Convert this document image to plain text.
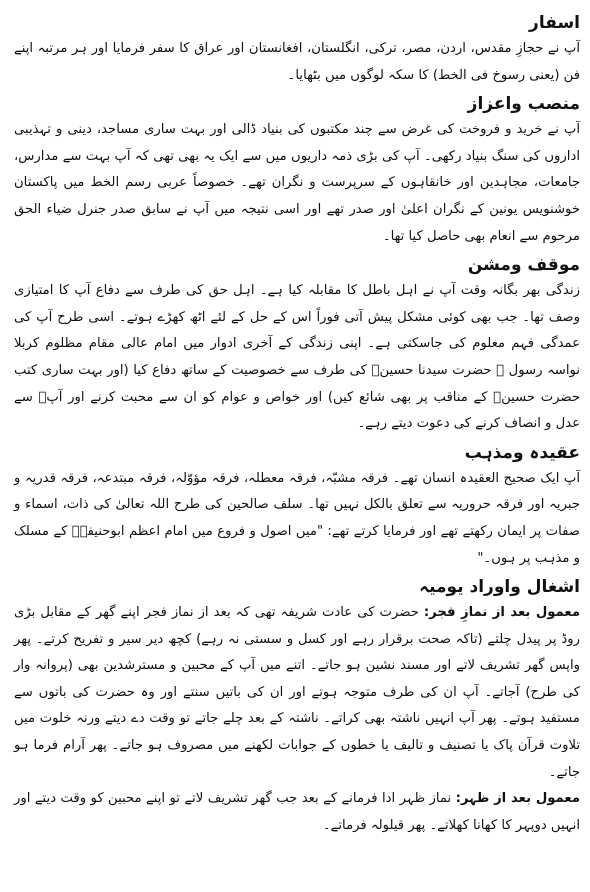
اسفار

آپ نے حجازِ مقدس، اردن، مصر، ترکی، انگلستان، افغانستان اور عراق کا سفر فرمایا اور ہر مرتبہ اپنے فن (یعنی رسوخ فی الخط) کا سکہ لوگوں میں بٹھایا۔

منصب واعزاز

آپ نے خرید و فروخت کی غرض سے چند مکتبوں کی بنیاد ڈالی اور بہت ساری مساجد، دینی و تہذیبی اداروں کی سنگ بنیاد رکھی۔ آپ کی بڑی ذمہ داریوں میں سے ایک یہ بھی تھی کہ آپ بہت سے مدارس، جامعات، مجاہدین اور خانقاہوں کے سرپرست و نگران تھے۔ خصوصاً عربی رسم الخط میں پاکستان خوشنویس یونین کے نگران اعلیٰ اور صدر تھے اور اسی نتیجہ میں آپ نے سابق صدر جنرل ضیاء الحق مرحوم سے انعام بھی حاصل کیا تھا۔

موقف ومشن

زندگی بھر بگانہ وقت آپ نے اہل باطل کا مقابلہ کیا ہے۔ اہل حق کی طرف سے دفاع آپ کا امتیازی وصف تھا۔ جب بھی کوئی مشکل پیش آتی فوراً اس کے حل کے لئے اٹھ کھڑے ہوتے۔ اسی طرح آپ کی عمدگی فہم معلوم کی جاسکتی ہے۔ اپنی زندگی کے آخری ادوار میں امام عالی مقام مظلوم کربلا نواسہ رسول ﷺ حضرت سیدنا حسینؓ کی طرف سے خصوصیت کے ساتھ دفاع کیا (اور بہت ساری کتب حضرت حسینؓ کے مناقب پر بھی شائع کیں) اور خواص و عوام کو ان سے محبت کرنے اور آپؓ سے عدل و انصاف کرنے کی دعوت دیتے رہے۔

عقیدہ ومذہب

آپ ایک صحیح العقیدہ انسان تھے۔ فرقہ مشبّہ، فرقہ معطلہ، فرقہ مؤوّلہ، فرقہ مبتدعہ، فرقہ قدریہ و جبریہ اور فرقہ حروریہ سے تعلق بالکل نہیں تھا۔ سلف صالحین کی طرح اللہ تعالیٰ کی ذات، اسماء و صفات پر ایمان رکھتے تھے اور فرمایا کرتے تھے: "میں اصول و فروع میں امام اعظم ابوحنیفہؒ کے مسلک و مذہب پر ہوں۔"

اشغال واوراد یومیہ

معمول بعد از نمازِ فجر: حضرت کی عادت شریفہ تھی کہ بعد از نماز فجر اپنے گھر کے مقابل بڑی روڈ پر پیدل چلتے (تاکہ صحت برقرار رہے اور کسل و سستی نہ رہے) کچھ دیر سیر و تفریح کرتے۔ پھر واپس گھر تشریف لاتے اور مسند نشین ہو جاتے۔ اتنے میں آپ کے محبین و مسترشدین بھی (پروانہ وار کی طرح) آجاتے۔ آپ ان کی طرف متوجہ ہوتے اور ان کی باتیں سنتے اور وہ حضرت کی باتوں سے مستفید ہوتے۔ پھر آپ انہیں ناشتہ بھی کراتے۔ ناشتہ کے بعد چلے جاتے تو وقت دے دیتے ورنہ خلوت میں تلاوت قرآن پاک یا تصنیف و تالیف یا خطوں کے جوابات لکھنے میں مصروف ہو جاتے۔ پھر آرام فرما ہو جاتے۔

معمول بعد از ظہر: نماز ظہر ادا فرمانے کے بعد جب گھر تشریف لاتے تو اپنے محبین کو وقت دیتے اور انہیں دوپہر کا کھانا کھلاتے۔ پھر قیلولہ فرماتے۔
